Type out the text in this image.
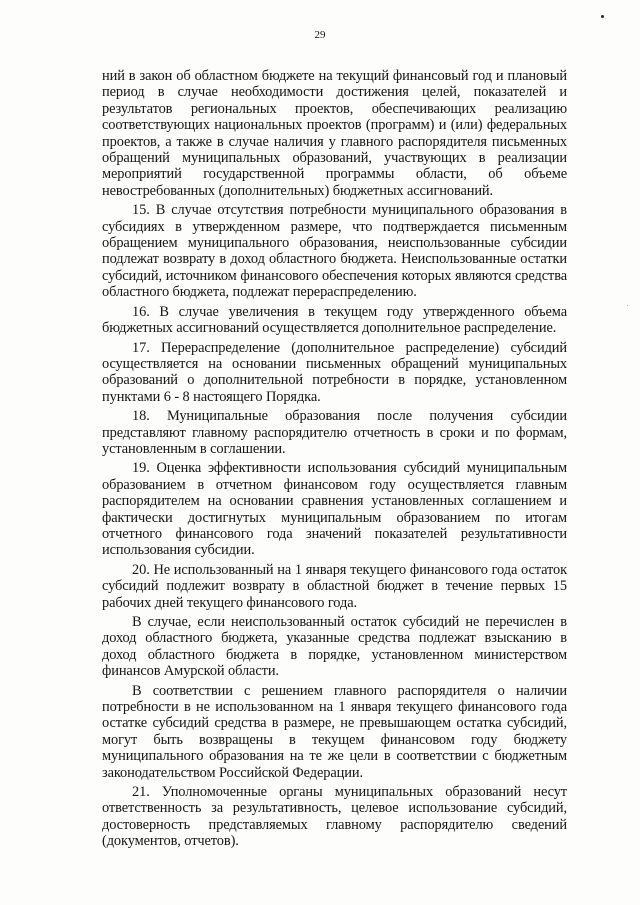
29

ний в закон об областном бюджете на текущий финансовый год и плановый период в случае необходимости достижения целей, показателей и результатов региональных проектов, обеспечивающих реализацию соответствующих национальных проектов (программ) и (или) федеральных проектов, а также в случае наличия у главного распорядителя письменных обращений муниципальных образований, участвующих в реализации мероприятий государственной программы области, об объеме невостребованных (дополнительных) бюджетных ассигнований.

15. В случае отсутствия потребности муниципального образования в субсидиях в утвержденном размере, что подтверждается письменным обращением муниципального образования, неиспользованные субсидии подлежат возврату в доход областного бюджета. Неиспользованные остатки субсидий, источником финансового обеспечения которых являются средства областного бюджета, подлежат перераспределению.

16. В случае увеличения в текущем году утвержденного объема бюджетных ассигнований осуществляется дополнительное распределение.

17. Перераспределение (дополнительное распределение) субсидий осуществляется на основании письменных обращений муниципальных образований о дополнительной потребности в порядке, установленном пунктами 6 - 8 настоящего Порядка.

18. Муниципальные образования после получения субсидии представляют главному распорядителю отчетность в сроки и по формам, установленным в соглашении.

19. Оценка эффективности использования субсидий муниципальным образованием в отчетном финансовом году осуществляется главным распорядителем на основании сравнения установленных соглашением и фактически достигнутых муниципальным образованием по итогам отчетного финансового года значений показателей результативности использования субсидии.

20. Не использованный на 1 января текущего финансового года остаток субсидий подлежит возврату в областной бюджет в течение первых 15 рабочих дней текущего финансового года.

В случае, если неиспользованный остаток субсидий не перечислен в доход областного бюджета, указанные средства подлежат взысканию в доход областного бюджета в порядке, установленном министерством финансов Амурской области.

В соответствии с решением главного распорядителя о наличии потребности в не использованном на 1 января текущего финансового года остатке субсидий средства в размере, не превышающем остатка субсидий, могут быть возвращены в текущем финансовом году бюджету муниципального образования на те же цели в соответствии с бюджетным законодательством Российской Федерации.

21. Уполномоченные органы муниципальных образований несут ответственность за результативность, целевое использование субсидий, достоверность представляемых главному распорядителю сведений (документов, отчетов).
